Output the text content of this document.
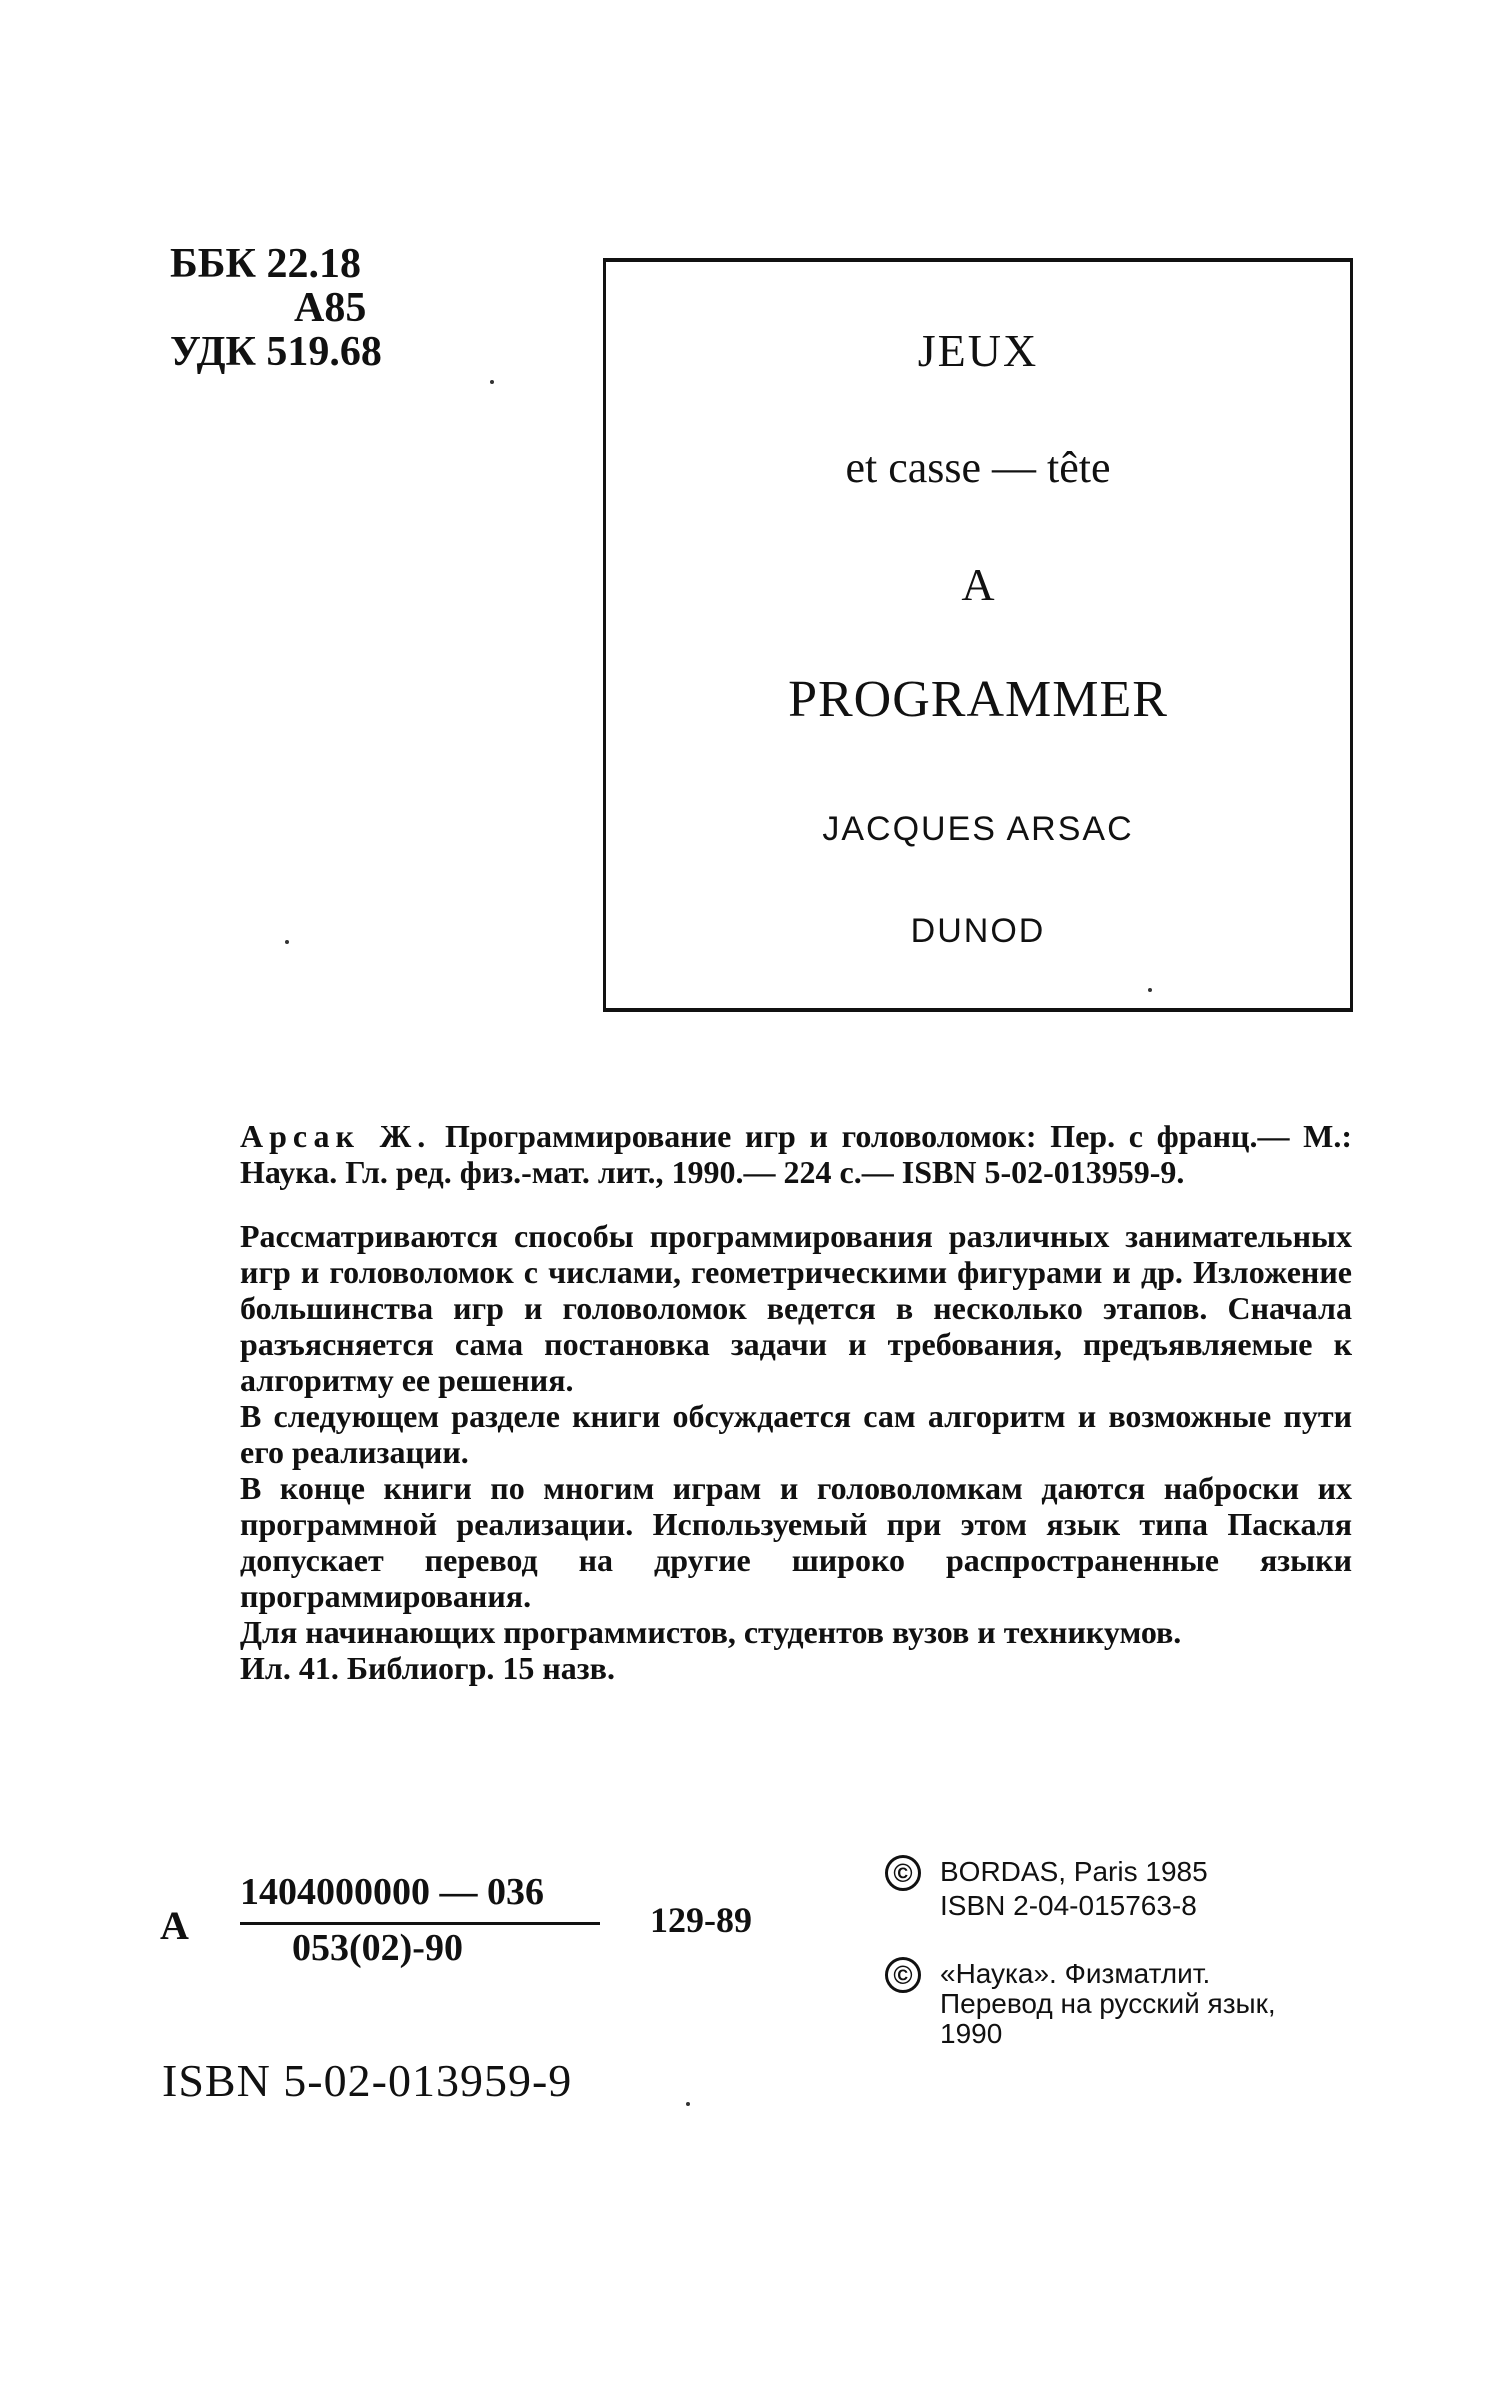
ББК 22.18
А85
УДК 519.68	JEUX
et casse — tête
A
PROGRAMMER
JACQUES ARSAC
DUNOD

Арсак Ж. Программирование игр и головоломок: Пер. с франц.— М.: Наука. Гл. ред. физ.-мат. лит., 1990.— 224 с.— ISBN 5-02-013959-9.

Рассматриваются способы программирования различных занимательных игр и головоломок с числами, геометрическими фигурами и др. Изложение большинства игр и головоломок ведется в несколько этапов. Сначала разъясняется сама постановка задачи и требования, предъявляемые к алгоритму ее решения.

В следующем разделе книги обсуждается сам алгоритм и возможные пути его реализации.

В конце книги по многим играм и головоломкам даются наброски их программной реализации. Используемый при этом язык типа Паскаля допускает перевод на другие широко распространенные языки программирования.

Для начинающих программистов, студентов вузов и техникумов.

Ил. 41. Библиогр. 15 назв.

А
1404000000 — 036
053(02)-90
129-89
ISBN 5-02-013959-9
© BORDAS, Paris 1985
ISBN 2-04-015763-8
© «Наука». Физматлит.
Перевод на русский язык,
1990
